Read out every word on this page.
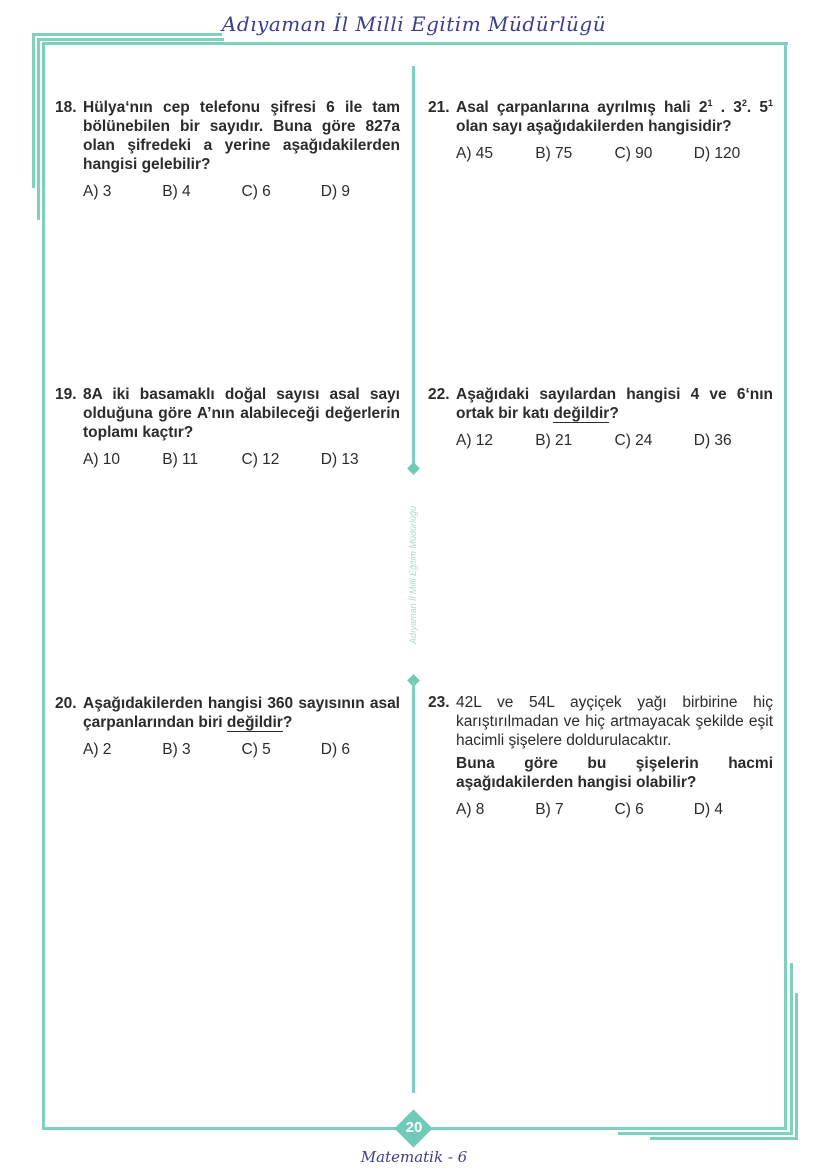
Adıyaman İl Milli Egitim Müdürlügü
Adıyaman İl Milli Eğitim Müdürlüğü
18. Hülya‘nın cep telefonu şifresi 6 ile tam bölünebilen bir sayıdır. Buna göre 827a olan şifredeki a yerine aşağıdakilerden hangisi gelebilir?
A) 3	B) 4	C) 6	D) 9
21. Asal çarpanlarına ayrılmış hali $2^1$ . $3^2$. $5^1$ olan sayı aşağıdakilerden hangisidir?
A) 45	B) 75	C) 90	D) 120
19. 8A iki basamaklı doğal sayısı asal sayı olduğuna göre A’nın alabileceği değerlerin toplamı kaçtır?
A) 10	B) 11	C) 12	D) 13
22. Aşağıdaki sayılardan hangisi 4 ve 6‘nın ortak bir katı değildir?
A) 12	B) 21	C) 24	D) 36
20. Aşağıdakilerden hangisi 360 sayısının asal çarpanlarından biri değildir?
A) 2	B) 3	C) 5	D) 6
23. 42L ve 54L ayçiçek yağı birbirine hiç karıştırılmadan ve hiç artmayacak şekilde eşit hacimli şişelere doldurulacaktır.
Buna göre bu şişelerin hacmi aşağıdakilerden hangisi olabilir?
A) 8	B) 7	C) 6	D) 4
20
Matematik - 6
